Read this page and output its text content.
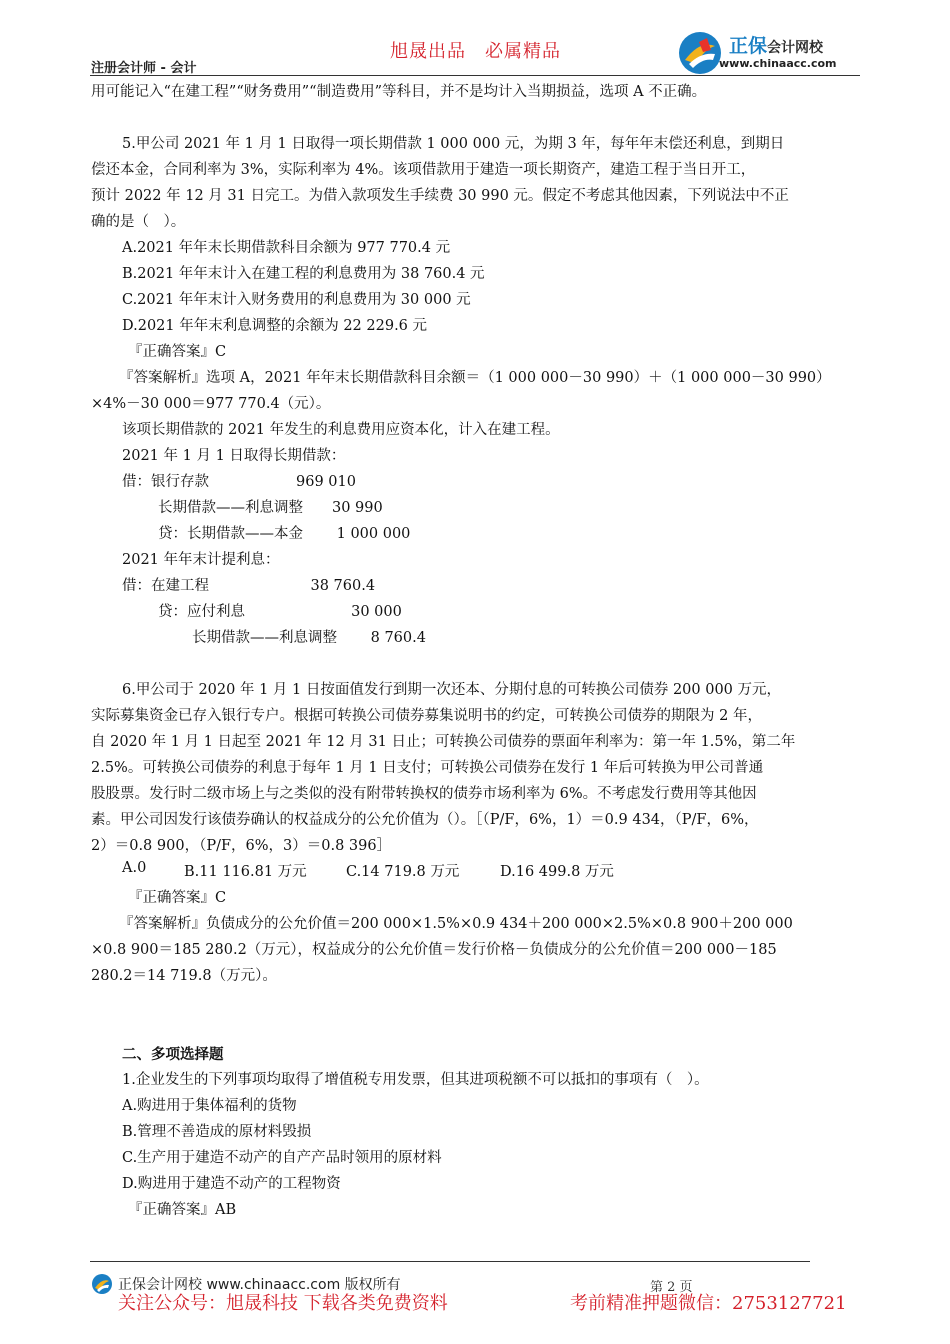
注册会计师 - 会计
旭晟出品　必属精品	正保会计网校
www.chinaacc.com
用可能记入“在建工程”“财务费用”“制造费用”等科目，并不是均计入当期损益，选项 A 不正确。
5.甲公司 2021 年 1 月 1 日取得一项长期借款 1 000 000 元，为期 3 年，每年年末偿还利息，到期日
偿还本金，合同利率为 3%，实际利率为 4%。该项借款用于建造一项长期资产，建造工程于当日开工，
预计 2022 年 12 月 31 日完工。为借入款项发生手续费 30 990 元。假定不考虑其他因素，下列说法中不正
确的是（　）。
A.2021 年年末长期借款科目余额为 977 770.4 元
B.2021 年年末计入在建工程的利息费用为 38 760.4 元
C.2021 年年末计入财务费用的利息费用为 30 000 元
D.2021 年年末利息调整的余额为 22 229.6 元
『正确答案』C
『答案解析』选项 A，2021 年年末长期借款科目余额＝（1 000 000－30 990）＋（1 000 000－30 990）
×4%－30 000＝977 770.4（元）。
该项长期借款的 2021 年发生的利息费用应资本化，计入在建工程。
2021 年 1 月 1 日取得长期借款：
借：银行存款　　　　　　969 010
长期借款——利息调整　　30 990
贷：长期借款——本金　　 1 000 000
2021 年年末计提利息：
借：在建工程　　　　　　　38 760.4
贷：应付利息　　　　　　　 30 000
长期借款——利息调整　　 8 760.4
6.甲公司于 2020 年 1 月 1 日按面值发行到期一次还本、分期付息的可转换公司债券 200 000 万元，
实际募集资金已存入银行专户。根据可转换公司债券募集说明书的约定，可转换公司债券的期限为 2 年，
自 2020 年 1 月 1 日起至 2021 年 12 月 31 日止；可转换公司债券的票面年利率为：第一年 1.5%，第二年
2.5%。可转换公司债券的利息于每年 1 月 1 日支付；可转换公司债券在发行 1 年后可转换为甲公司普通
股股票。发行时二级市场上与之类似的没有附带转换权的债券市场利率为 6%。不考虑发行费用等其他因
素。甲公司因发行该债券确认的权益成分的公允价值为（）。［（P/F，6%，1）＝0.9 434，（P/F，6%，
2）＝0.8 900，（P/F，6%，3）＝0.8 396］
A.0	B.11 116.81 万元	C.14 719.8 万元	D.16 499.8 万元
『正确答案』C
『答案解析』负债成分的公允价值＝200 000×1.5%×0.9 434＋200 000×2.5%×0.8 900＋200 000
×0.8 900＝185 280.2（万元），权益成分的公允价值＝发行价格－负债成分的公允价值＝200 000－185
280.2＝14 719.8（万元）。
二、多项选择题
1.企业发生的下列事项均取得了增值税专用发票，但其进项税额不可以抵扣的事项有（　）。
A.购进用于集体福利的货物
B.管理不善造成的原材料毁损
C.生产用于建造不动产的自产产品时领用的原材料
D.购进用于建造不动产的工程物资
『正确答案』AB
正保会计网校 www.chinaacc.com 版权所有	第 2 页
关注公众号：旭晟科技 下载各类免费资料	考前精准押题微信：2753127721
